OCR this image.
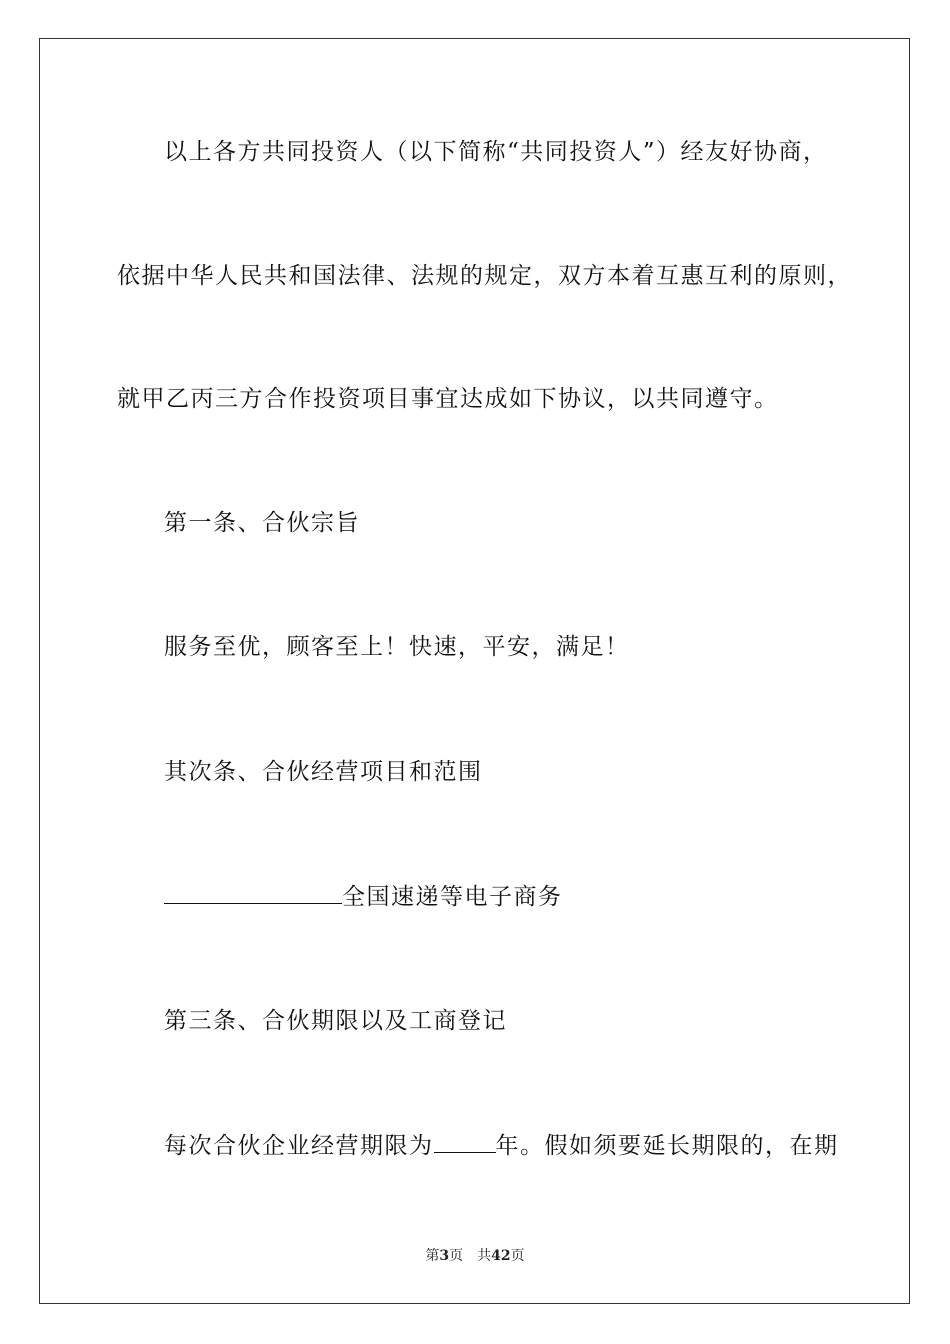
以上各方共同投资人（以下简称“共同投资人”）经友好协商，
依据中华人民共和国法律、法规的规定，双方本着互惠互利的原则，
就甲乙丙三方合作投资项目事宜达成如下协议，以共同遵守。
第一条、合伙宗旨
服务至优，顾客至上！快速，平安，满足！
其次条、合伙经营项目和范围
全国速递等电子商务
第三条、合伙期限以及工商登记
每次合伙企业经营期限为	年。假如须要延长期限的，在期
第3页 共42页
